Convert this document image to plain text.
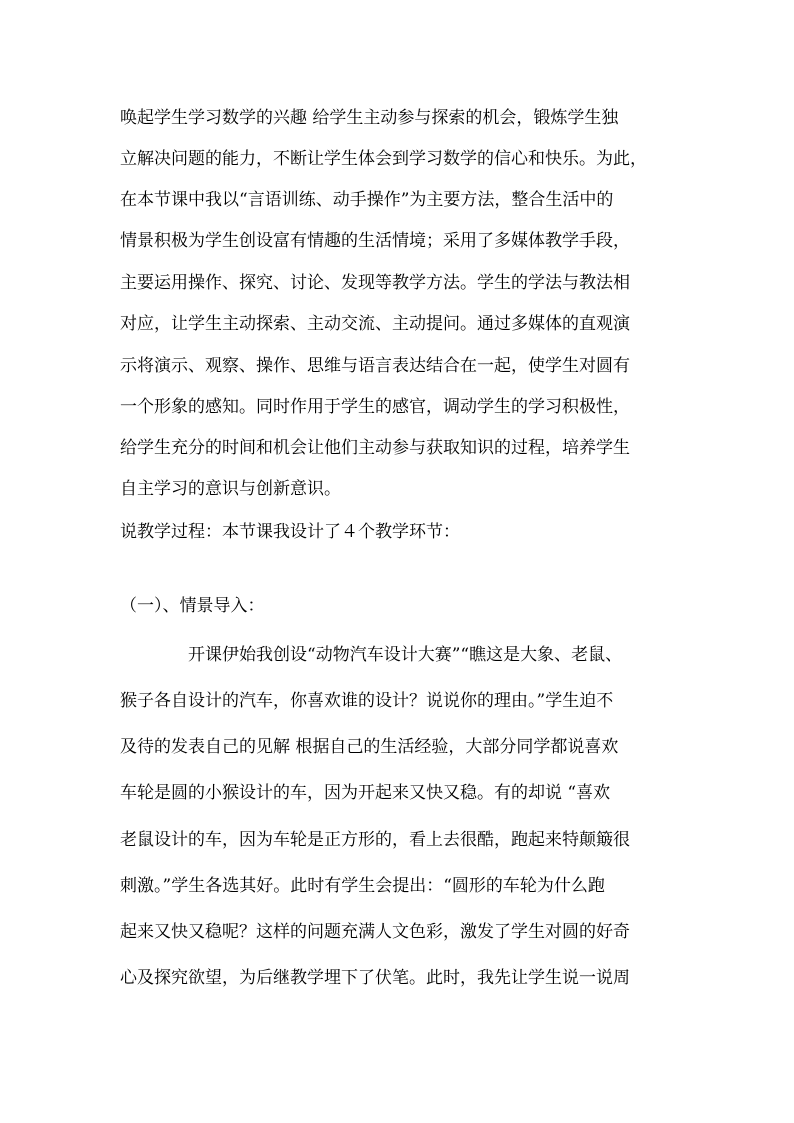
唤起学生学习数学的兴趣 给学生主动参与探索的机会，锻炼学生独
立解决问题的能力，不断让学生体会到学习数学的信心和快乐。为此，
在本节课中我以“言语训练、动手操作”为主要方法，整合生活中的
情景积极为学生创设富有情趣的生活情境；采用了多媒体教学手段，
主要运用操作、探究、讨论、发现等教学方法。学生的学法与教法相
对应，让学生主动探索、主动交流、主动提问。通过多媒体的直观演
示将演示、观察、操作、思维与语言表达结合在一起，使学生对圆有
一个形象的感知。同时作用于学生的感官，调动学生的学习积极性，
给学生充分的时间和机会让他们主动参与获取知识的过程，培养学生
自主学习的意识与创新意识。
说教学过程：本节课我设计了４个教学环节：
（一）、情景导入：
开课伊始我创设“动物汽车设计大赛”“瞧这是大象、老鼠、
猴子各自设计的汽车，你喜欢谁的设计？说说你的理由。”学生迫不
及待的发表自己的见解 根据自己的生活经验，大部分同学都说喜欢
车轮是圆的小猴设计的车，因为开起来又快又稳。有的却说 “喜欢
老鼠设计的车，因为车轮是正方形的，看上去很酷，跑起来特颠簸很
刺激。”学生各选其好。此时有学生会提出：“圆形的车轮为什么跑
起来又快又稳呢？这样的问题充满人文色彩，激发了学生对圆的好奇
心及探究欲望，为后继教学埋下了伏笔。此时，我先让学生说一说周
